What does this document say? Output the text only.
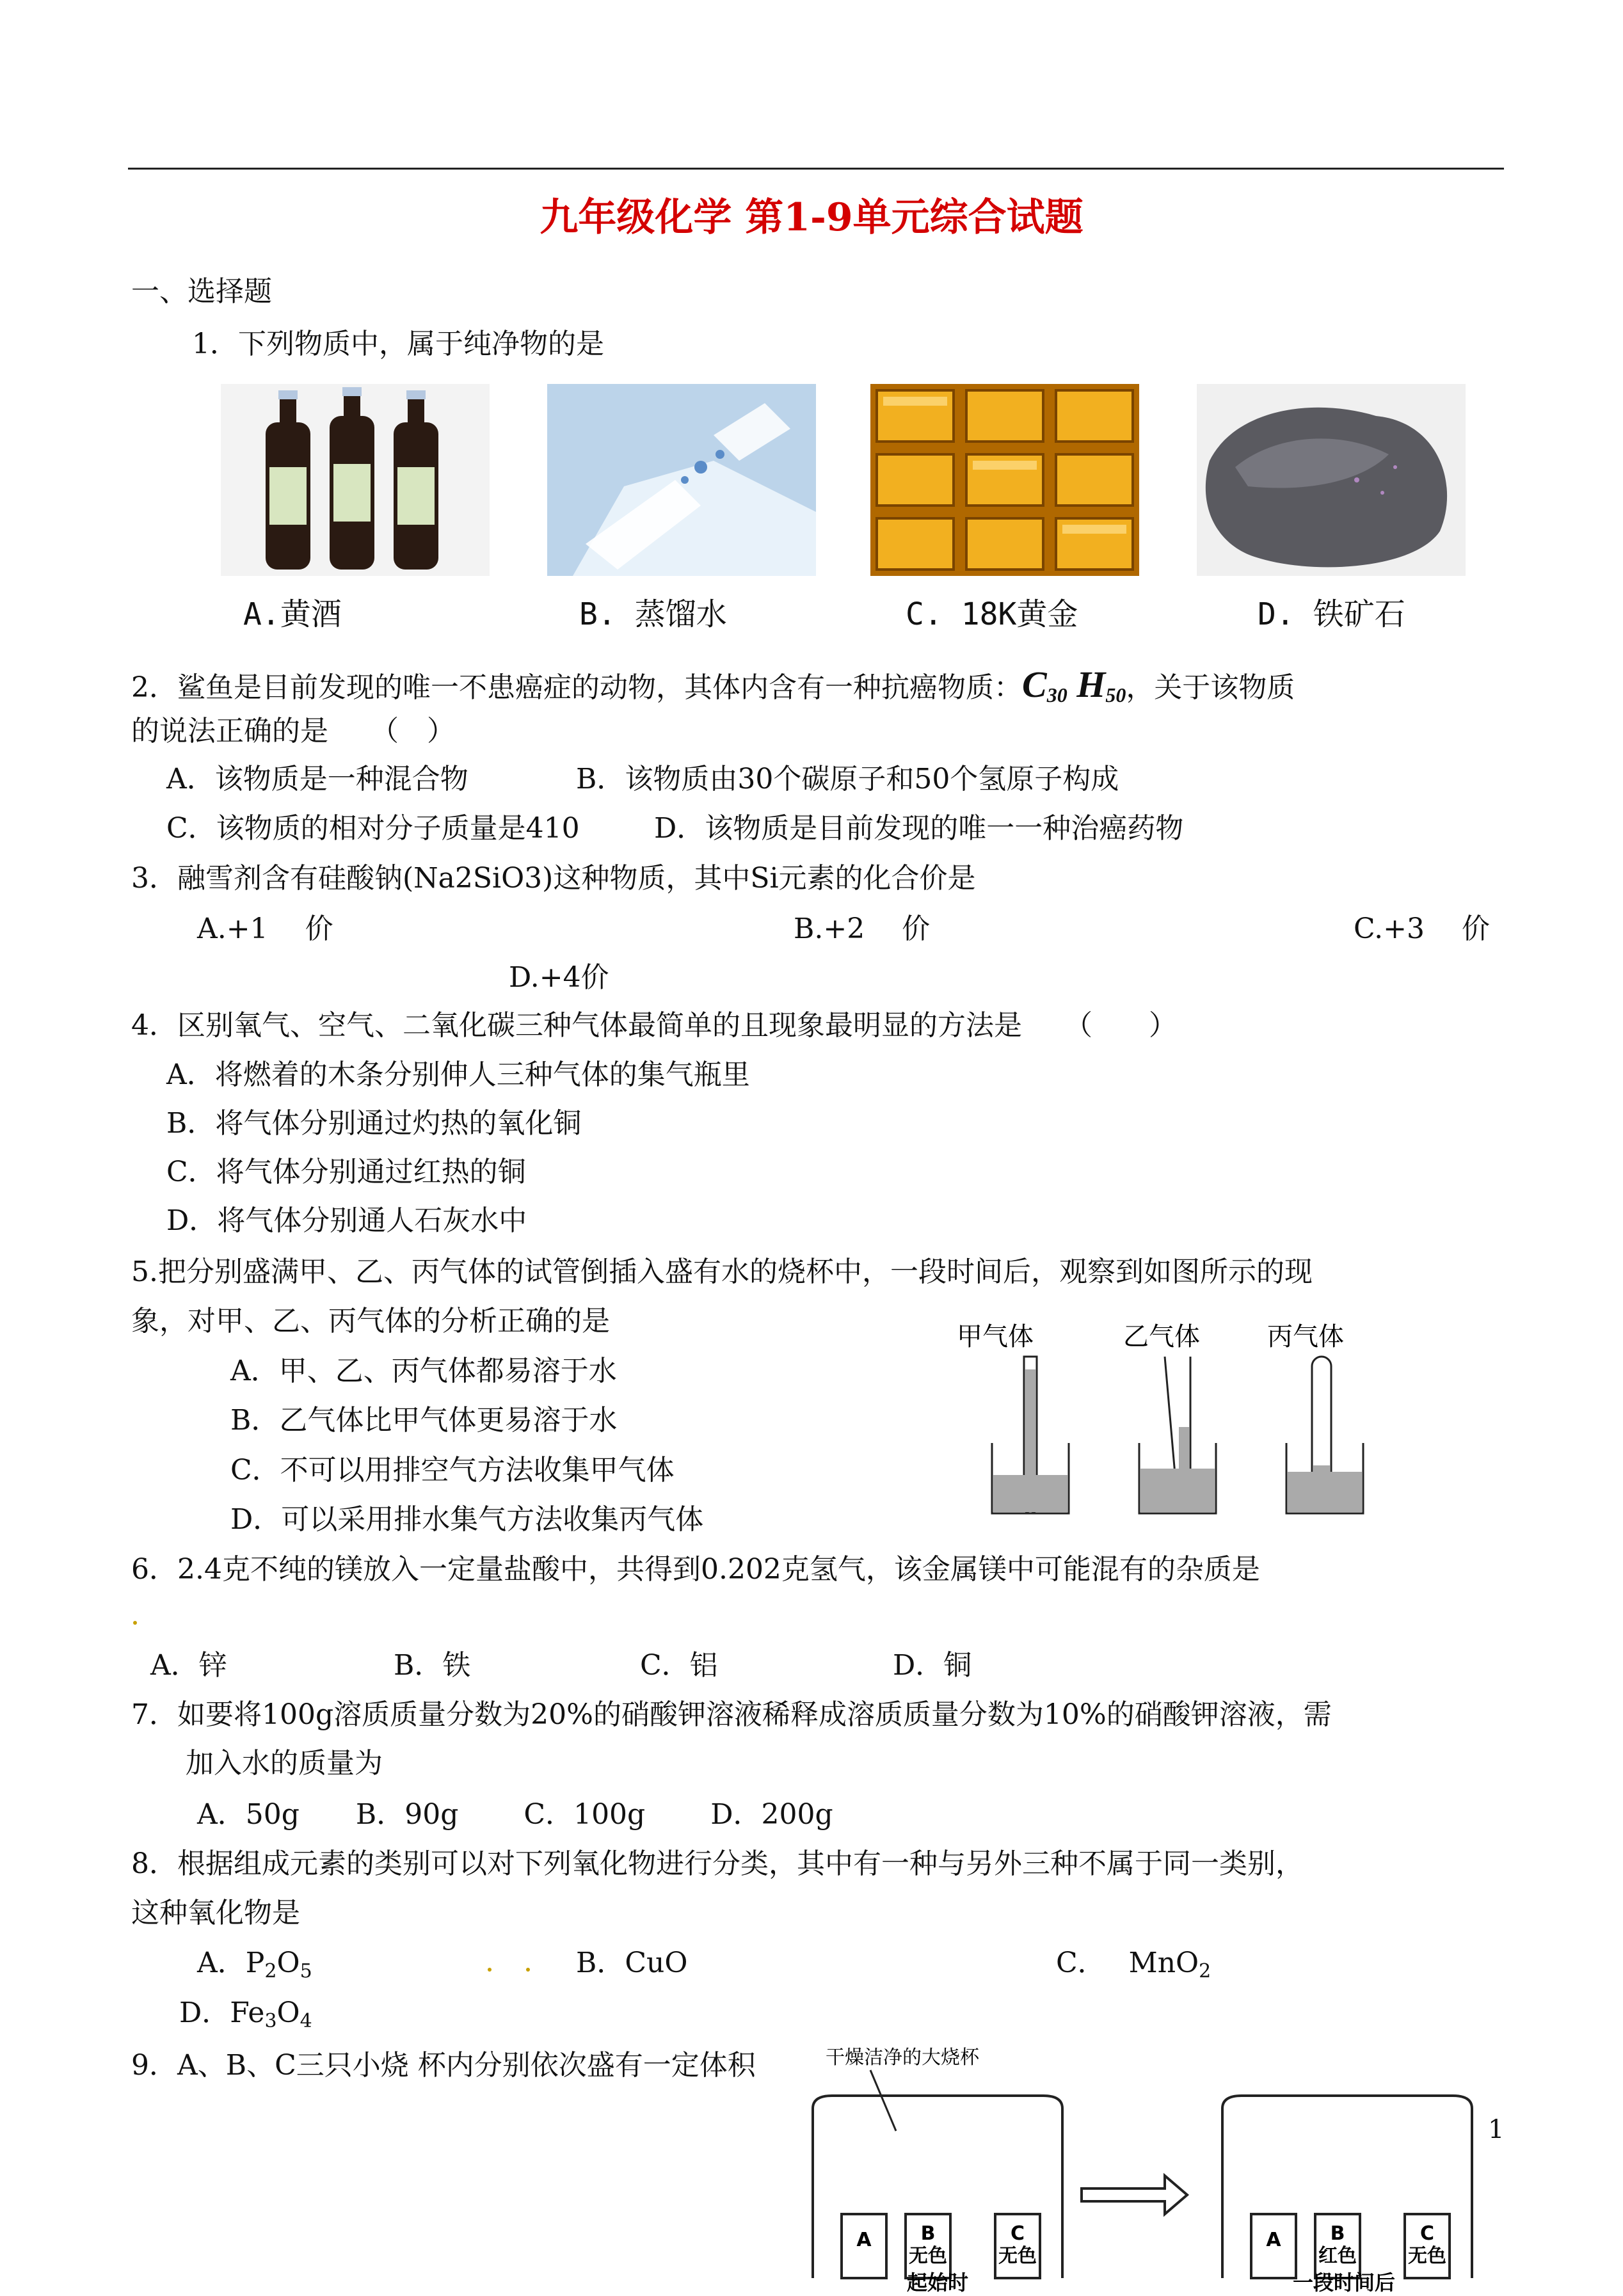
九年级化学 第1-9单元综合试题
一、选择题
1．下列物质中，属于纯净物的是
A.黄酒	B. 蒸馏水	C. 18K黄金	D. 铁矿石
2．鲨鱼是目前发现的唯一不患癌症的动物，其体内含有一种抗癌物质：$C_{30}$ $H_{50}$，关于该物质
的说法正确的是　　（　）
A．该物质是一种混合物	B．该物质由30个碳原子和50个氢原子构成
C．该物质的相对分子质量是410	D．该物质是目前发现的唯一一种治癌药物
3．融雪剂含有硅酸钠(Na2SiO3)这种物质，其中Si元素的化合价是
A.+1　 价	B.+2　 价	C.+3　 价
D.+4价
4．区别氧气、空气、二氧化碳三种气体最简单的且现象最明显的方法是　　（　　）
A．将燃着的木条分别伸人三种气体的集气瓶里
B．将气体分别通过灼热的氧化铜
C．将气体分别通过红热的铜
D．将气体分别通人石灰水中
5.把分别盛满甲、乙、丙气体的试管倒插入盛有水的烧杯中，一段时间后，观察到如图所示的现
象，对甲、乙、丙气体的分析正确的是
A．甲、乙、丙气体都易溶于水
B．乙气体比甲气体更易溶于水
C．不可以用排空气方法收集甲气体
D．可以采用排水集气方法收集丙气体
甲气体	乙气体	丙气体
6．2.4克不纯的镁放入一定量盐酸中，共得到0.202克氢气，该金属镁中可能混有的杂质是
A．锌	B．铁	C．铝	D．铜
7．如要将100g溶质质量分数为20%的硝酸钾溶液稀释成溶质质量分数为10%的硝酸钾溶液，需
加入水的质量为
A．50g　　B．90g　　 C．100g　　 D．200g
8．根据组成元素的类别可以对下列氧化物进行分类，其中有一种与另外三种不属于同一类别，
这种氧化物是
A．$P_2O_5$	B．CuO	C．　 MnO$_2$
D．$Fe_3O_4$
9．A、B、C三只小烧 杯内分别依次盛有一定体积	干燥洁净的大烧杯
A	B
无色
C
无色
A	B
红色
C
无色
起始时	一段时间后
1
